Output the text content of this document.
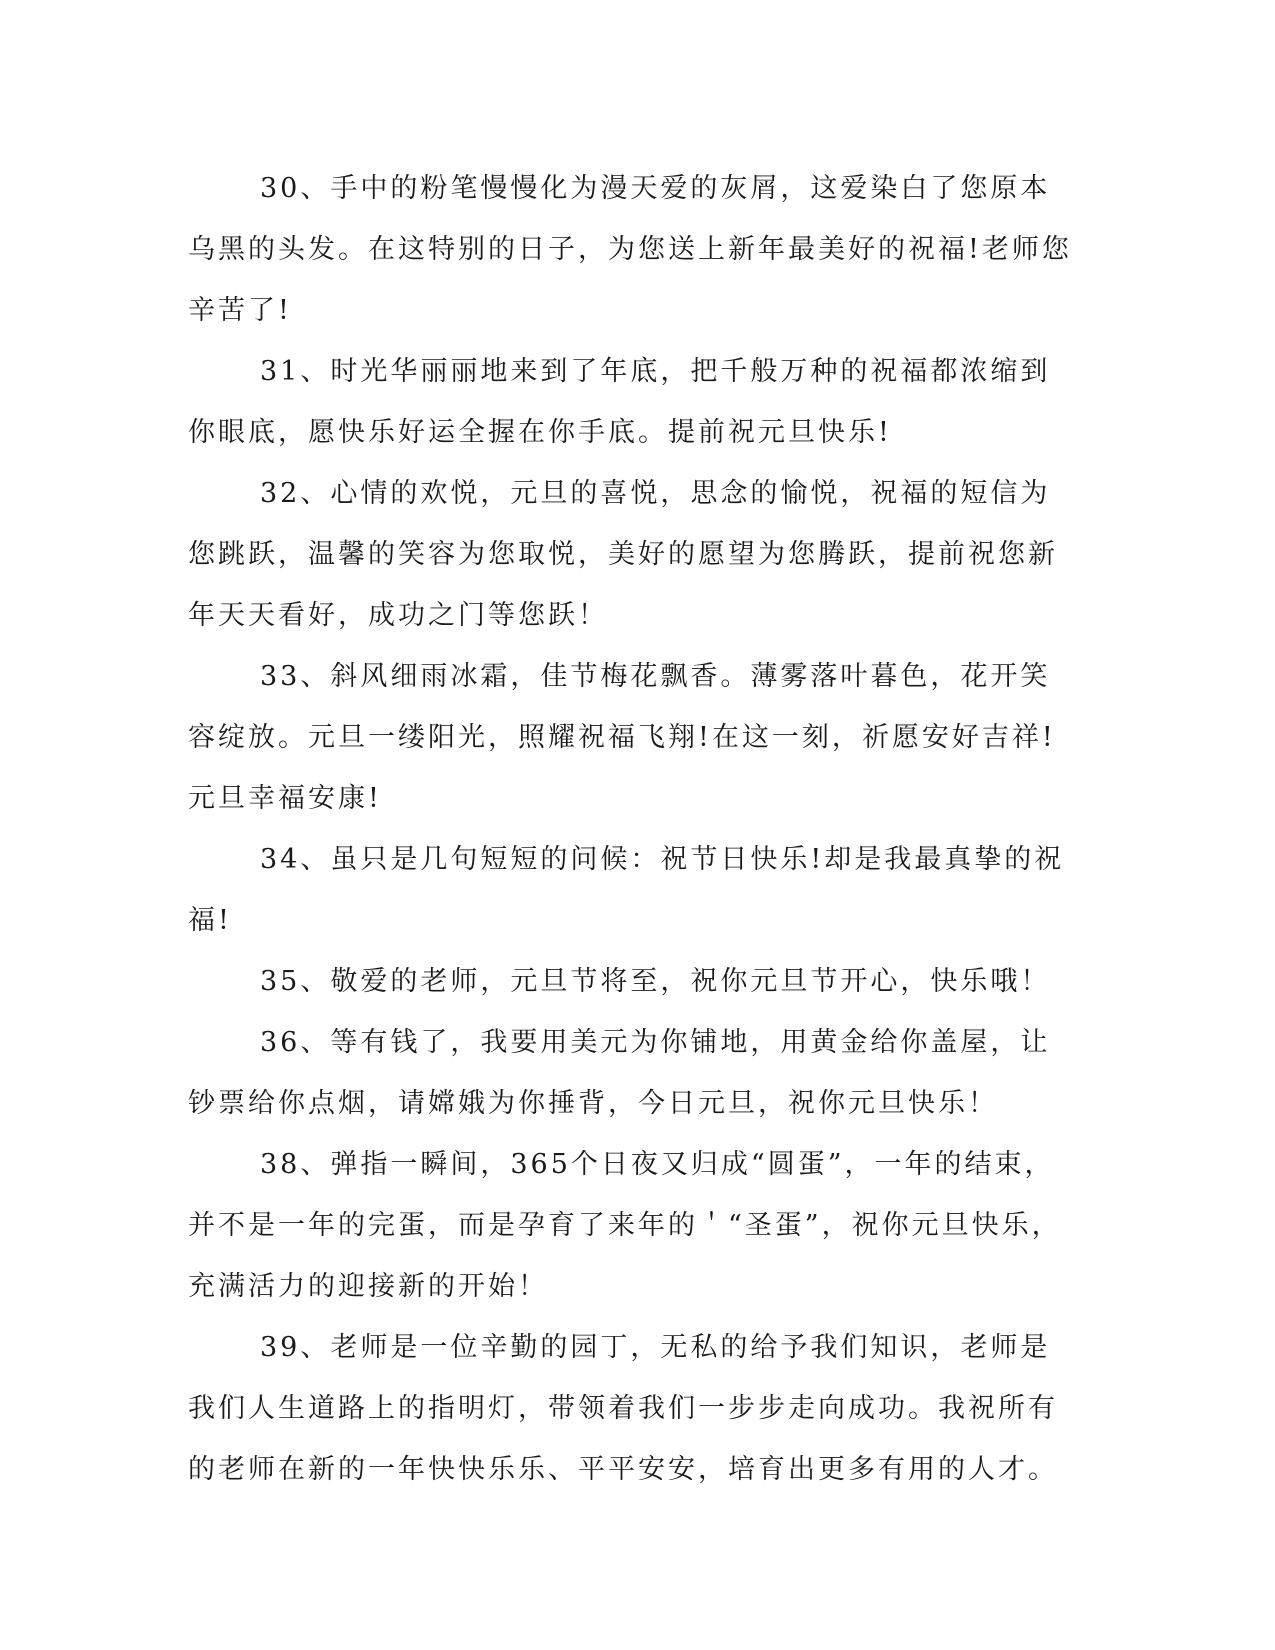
30、手中的粉笔慢慢化为漫天爱的灰屑，这爱染白了您原本乌黑的头发。在这特别的日子，为您送上新年最美好的祝福!老师您辛苦了!

31、时光华丽丽地来到了年底，把千般万种的祝福都浓缩到你眼底，愿快乐好运全握在你手底。提前祝元旦快乐!

32、心情的欢悦，元旦的喜悦，思念的愉悦，祝福的短信为您跳跃，温馨的笑容为您取悦，美好的愿望为您腾跃，提前祝您新年天天看好，成功之门等您跃！

33、斜风细雨冰霜，佳节梅花飘香。薄雾落叶暮色，花开笑容绽放。元旦一缕阳光，照耀祝福飞翔!在这一刻，祈愿安好吉祥!元旦幸福安康!

34、虽只是几句短短的问候：祝节日快乐!却是我最真挚的祝福!

35、敬爱的老师，元旦节将至，祝你元旦节开心，快乐哦！

36、等有钱了，我要用美元为你铺地，用黄金给你盖屋，让钞票给你点烟，请嫦娥为你捶背，今日元旦，祝你元旦快乐！

38、弹指一瞬间，365个日夜又归成“圆蛋”，一年的结束，并不是一年的完蛋，而是孕育了来年的＇“圣蛋”，祝你元旦快乐，充满活力的迎接新的开始！

39、老师是一位辛勤的园丁，无私的给予我们知识，老师是我们人生道路上的指明灯，带领着我们一步步走向成功。我祝所有的老师在新的一年快快乐乐、平平安安，培育出更多有用的人才。
